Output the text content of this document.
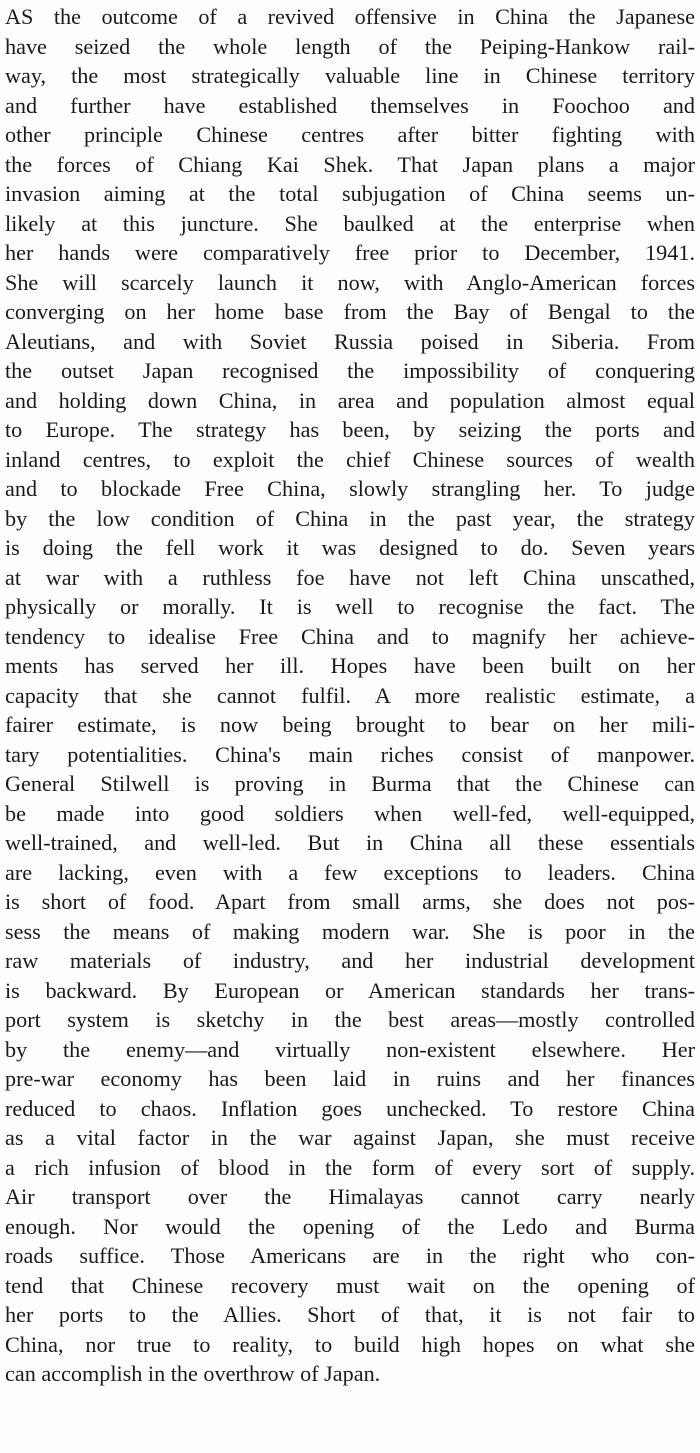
AS the outcome of a revived offensive in China the Japanese
have seized the whole length of the Peiping-Hankow rail-
way, the most strategically valuable line in Chinese territory
and further have established themselves in Foochoo and
other principle Chinese centres after bitter fighting with
the forces of Chiang Kai Shek. That Japan plans a major
invasion aiming at the total subjugation of China seems un-
likely at this juncture. She baulked at the enterprise when
her hands were comparatively free prior to December, 1941.
She will scarcely launch it now, with Anglo-American forces
converging on her home base from the Bay of Bengal to the
Aleutians, and with Soviet Russia poised in Siberia. From
the outset Japan recognised the impossibility of conquering
and holding down China, in area and population almost equal
to Europe. The strategy has been, by seizing the ports and
inland centres, to exploit the chief Chinese sources of wealth
and to blockade Free China, slowly strangling her. To judge
by the low condition of China in the past year, the strategy
is doing the fell work it was designed to do. Seven years
at war with a ruthless foe have not left China unscathed,
physically or morally. It is well to recognise the fact. The
tendency to idealise Free China and to magnify her achieve-
ments has served her ill. Hopes have been built on her
capacity that she cannot fulfil. A more realistic estimate, a
fairer estimate, is now being brought to bear on her mili-
tary potentialities. China's main riches consist of manpower.
General Stilwell is proving in Burma that the Chinese can
be made into good soldiers when well-fed, well-equipped,
well-trained, and well-led. But in China all these essentials
are lacking, even with a few exceptions to leaders. China
is short of food. Apart from small arms, she does not pos-
sess the means of making modern war. She is poor in the
raw materials of industry, and her industrial development
is backward. By European or American standards her trans-
port system is sketchy in the best areas—mostly controlled
by the enemy—and virtually non-existent elsewhere. Her
pre-war economy has been laid in ruins and her finances
reduced to chaos. Inflation goes unchecked. To restore China
as a vital factor in the war against Japan, she must receive
a rich infusion of blood in the form of every sort of supply.
Air transport over the Himalayas cannot carry nearly
enough. Nor would the opening of the Ledo and Burma
roads suffice. Those Americans are in the right who con-
tend that Chinese recovery must wait on the opening of
her ports to the Allies. Short of that, it is not fair to
China, nor true to reality, to build high hopes on what she
can accomplish in the overthrow of Japan.
